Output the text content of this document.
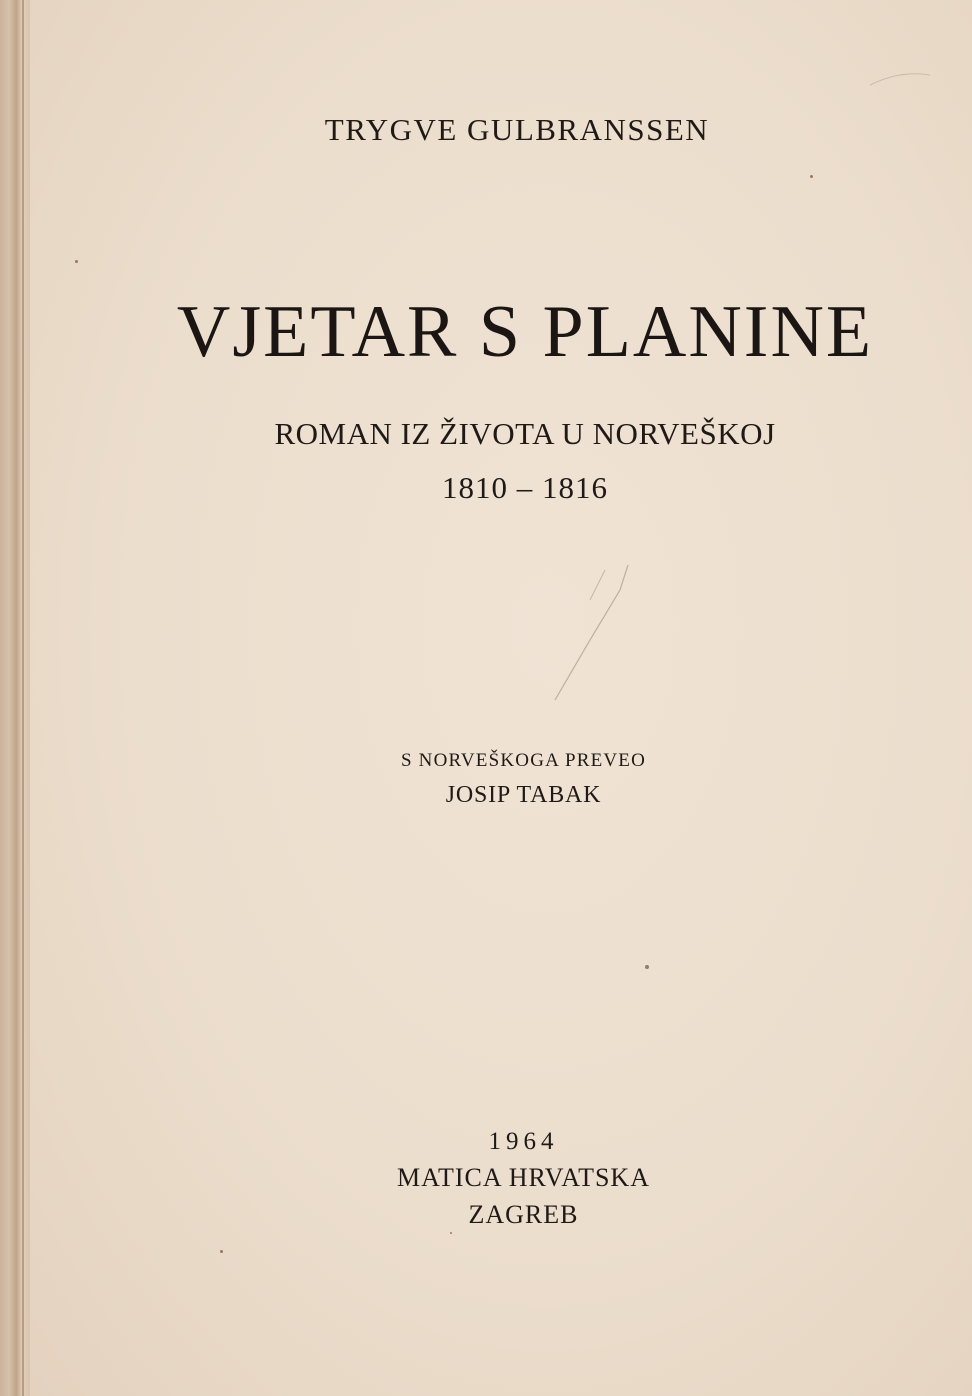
TRYGVE GULBRANSSEN

VJETAR S PLANINE

ROMAN IZ ŽIVOTA U NORVEŠKOJ

1810 – 1816

S NORVEŠKOGA PREVEO

JOSIP TABAK

1964

MATICA HRVATSKA

ZAGREB
